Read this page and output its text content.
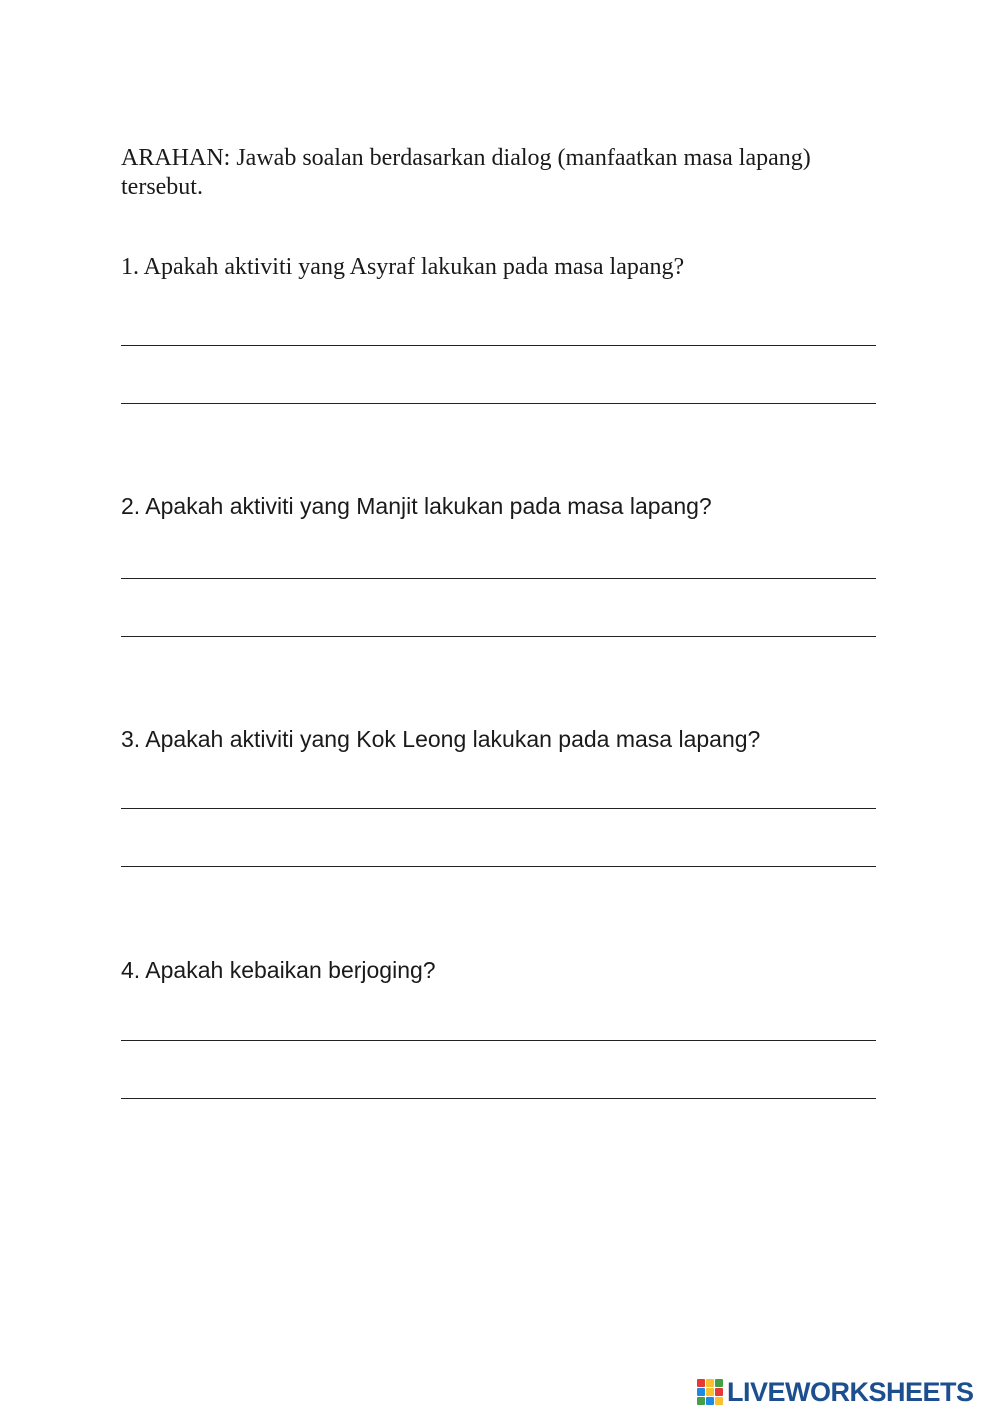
ARAHAN: Jawab soalan berdasarkan dialog (manfaatkan masa lapang) tersebut.
1. Apakah aktiviti yang Asyraf lakukan pada masa lapang?
2. Apakah aktiviti yang Manjit lakukan pada masa lapang?
3. Apakah aktiviti yang Kok Leong lakukan pada masa lapang?
4. Apakah kebaikan berjoging?
LIVEWORKSHEETS
